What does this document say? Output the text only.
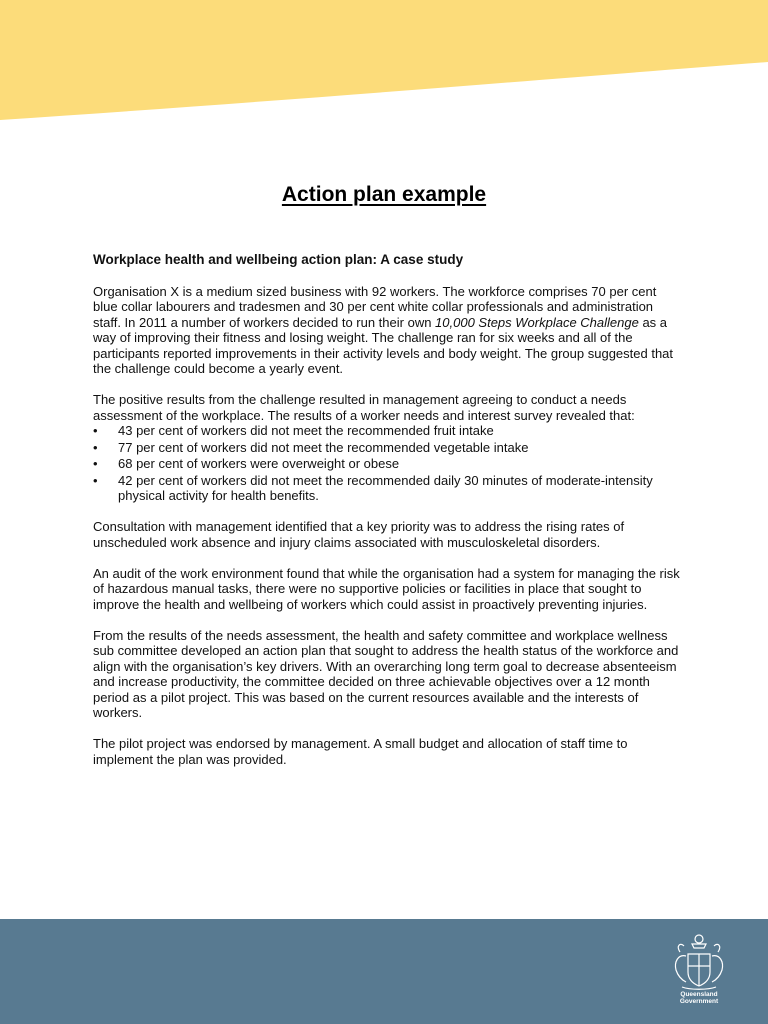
Action plan example
Workplace health and wellbeing action plan: A case study

Organisation X is a medium sized business with 92 workers. The workforce comprises 70 per cent blue collar labourers and tradesmen and 30 per cent white collar professionals and administration staff. In 2011 a number of workers decided to run their own 10,000 Steps Workplace Challenge as a way of improving their fitness and losing weight. The challenge ran for six weeks and all of the participants reported improvements in their activity levels and body weight. The group suggested that the challenge could become a yearly event.

The positive results from the challenge resulted in management agreeing to conduct a needs assessment of the workplace. The results of a worker needs and interest survey revealed that:

•	43 per cent of workers did not meet the recommended fruit intake
•	77 per cent of workers did not meet the recommended vegetable intake
•	68 per cent of workers were overweight or obese
•	42 per cent of workers did not meet the recommended daily 30 minutes of moderate-intensity physical activity for health benefits.

Consultation with management identified that a key priority was to address the rising rates of unscheduled work absence and injury claims associated with musculoskeletal disorders.

An audit of the work environment found that while the organisation had a system for managing the risk of hazardous manual tasks, there were no supportive policies or facilities in place that sought to improve the health and wellbeing of workers which could assist in proactively preventing injuries.

From the results of the needs assessment, the health and safety committee and workplace wellness sub committee developed an action plan that sought to address the health status of the workforce and align with the organisation’s key drivers. With an overarching long term goal to decrease absenteeism and increase productivity, the committee decided on three achievable objectives over a 12 month period as a pilot project. This was based on the current resources available and the interests of workers.

The pilot project was endorsed by management. A small budget and allocation of staff time to implement the plan was provided.

Queensland
Government
